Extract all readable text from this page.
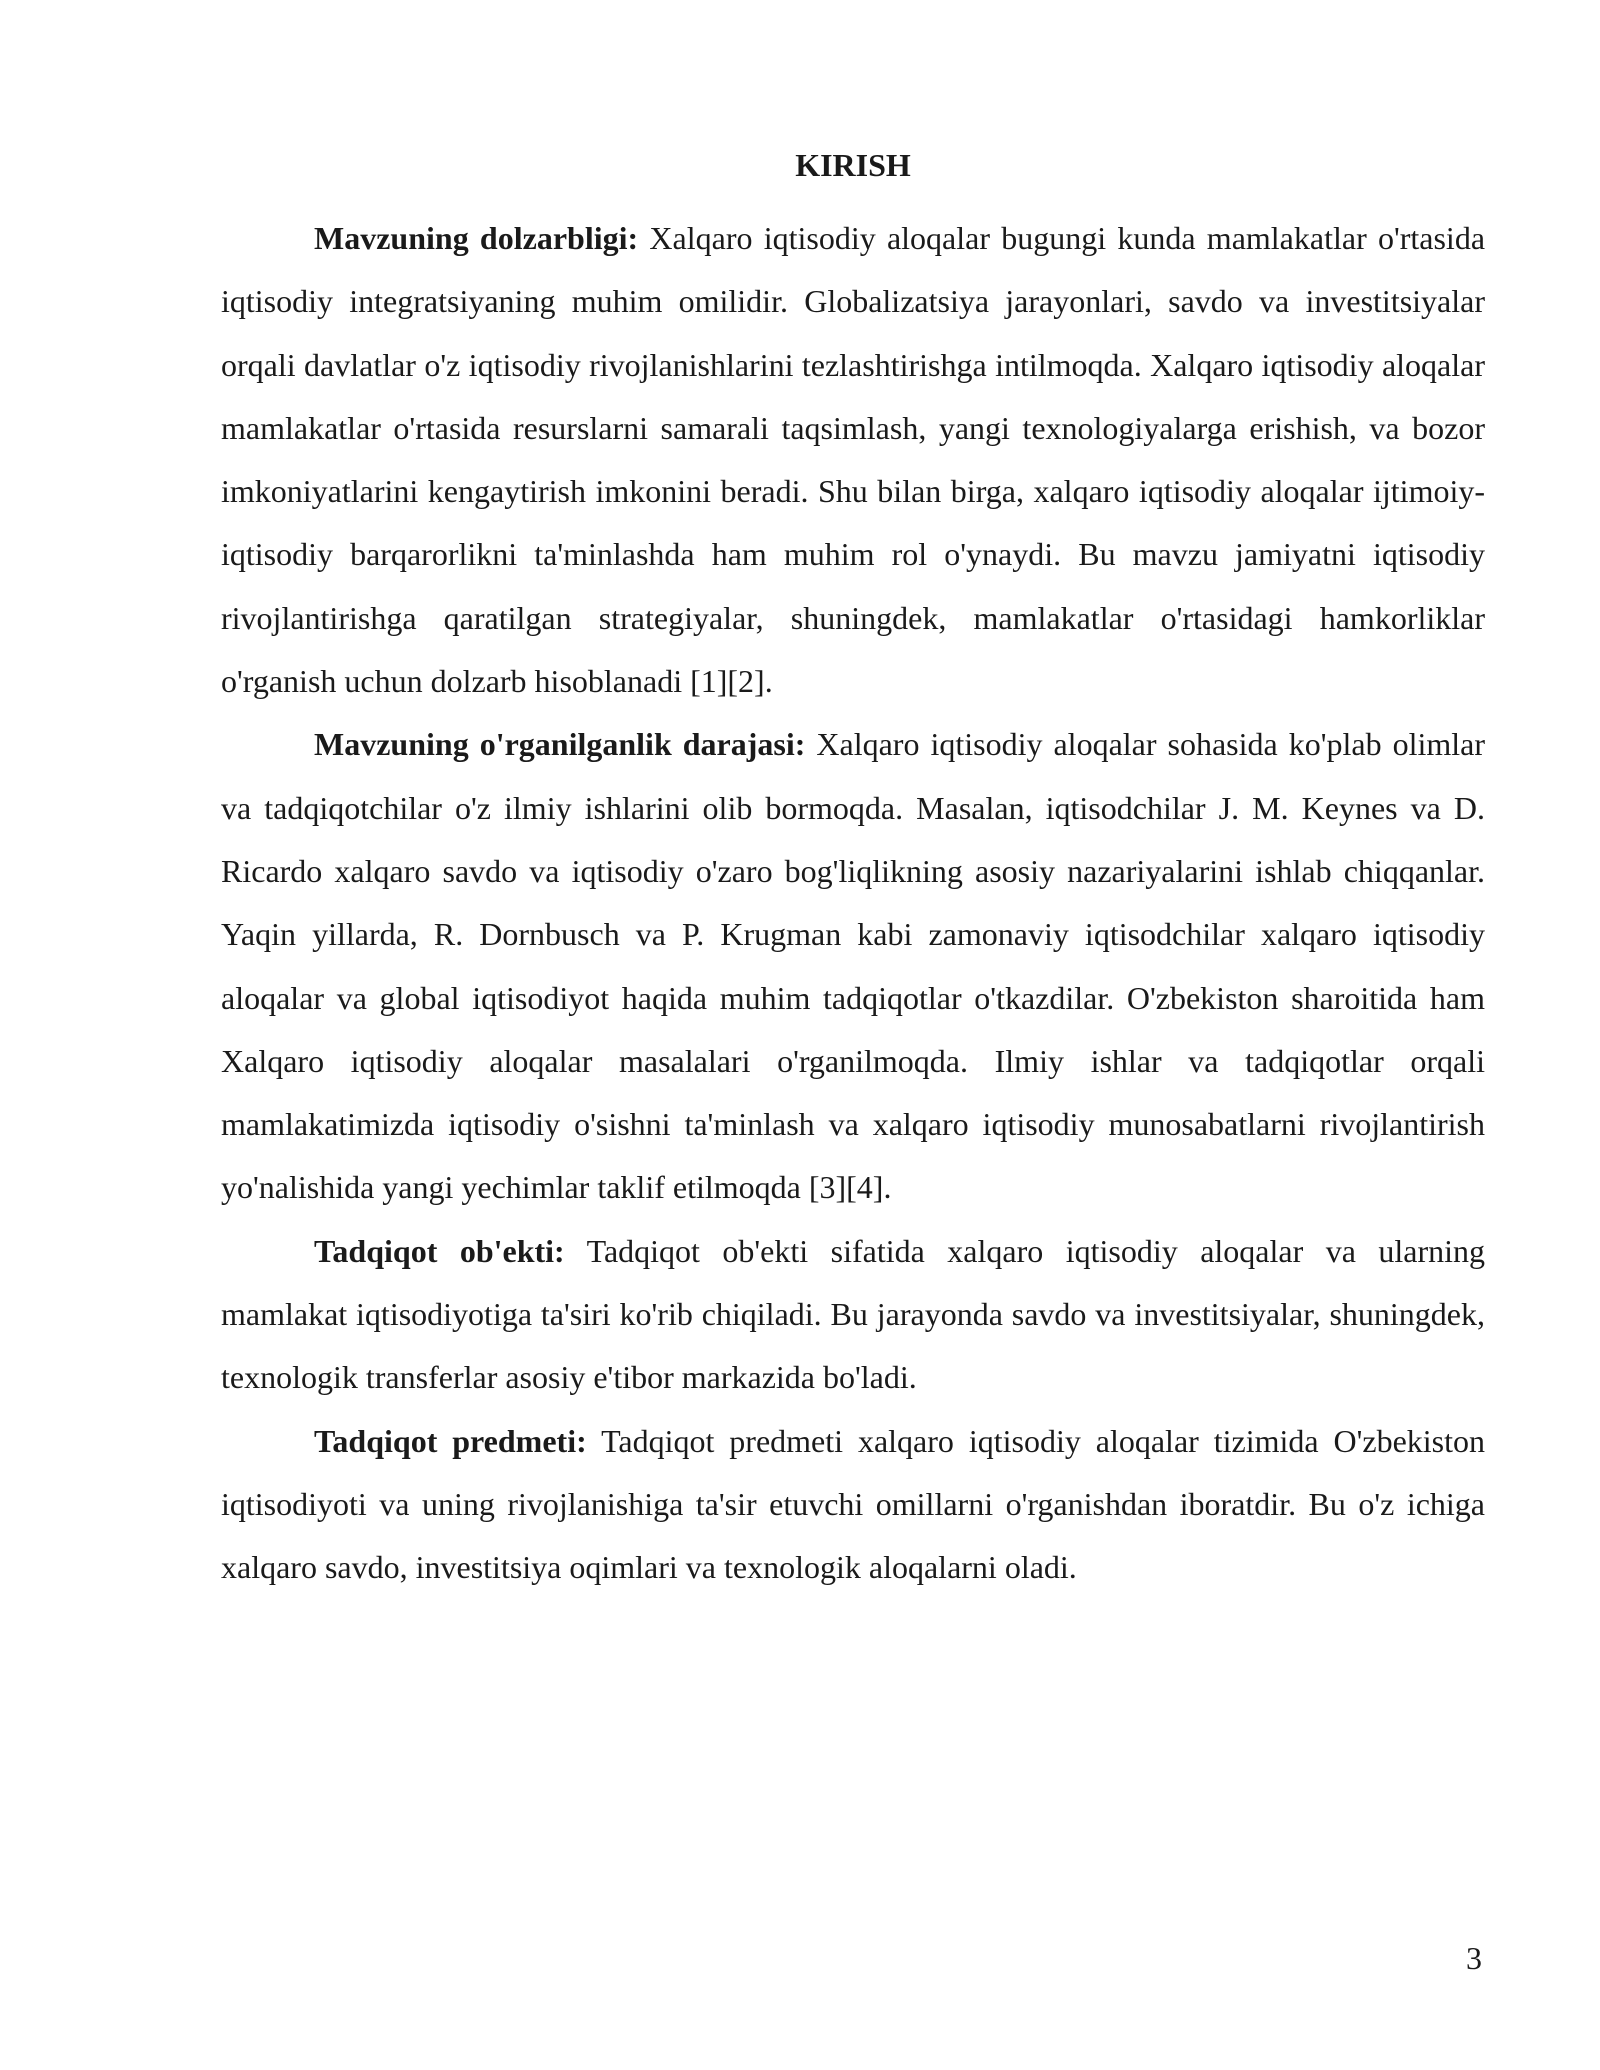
KIRISH

Mavzuning dolzarbligi: Xalqaro iqtisodiy aloqalar bugungi kunda mamlakatlar o'rtasida iqtisodiy integratsiyaning muhim omilidir. Globalizatsiya jarayonlari, savdo va investitsiyalar orqali davlatlar o'z iqtisodiy rivojlanishlarini tezlashtirishga intilmoqda. Xalqaro iqtisodiy aloqalar mamlakatlar o'rtasida resurslarni samarali taqsimlash, yangi texnologiyalarga erishish, va bozor imkoniyatlarini kengaytirish imkonini beradi. Shu bilan birga, xalqaro iqtisodiy aloqalar ijtimoiy-iqtisodiy barqarorlikni ta'minlashda ham muhim rol o'ynaydi. Bu mavzu jamiyatni iqtisodiy rivojlantirishga qaratilgan strategiyalar, shuningdek, mamlakatlar o'rtasidagi hamkorliklar o'rganish uchun dolzarb hisoblanadi [1][2].

Mavzuning o'rganilganlik darajasi: Xalqaro iqtisodiy aloqalar sohasida ko'plab olimlar va tadqiqotchilar o'z ilmiy ishlarini olib bormoqda. Masalan, iqtisodchilar J. M. Keynes va D. Ricardo xalqaro savdo va iqtisodiy o'zaro bog'liqlikning asosiy nazariyalarini ishlab chiqqanlar. Yaqin yillarda, R. Dornbusch va P. Krugman kabi zamonaviy iqtisodchilar xalqaro iqtisodiy aloqalar va global iqtisodiyot haqida muhim tadqiqotlar o'tkazdilar. O'zbekiston sharoitida ham Xalqaro iqtisodiy aloqalar masalalari o'rganilmoqda. Ilmiy ishlar va tadqiqotlar orqali mamlakatimizda iqtisodiy o'sishni ta'minlash va xalqaro iqtisodiy munosabatlarni rivojlantirish yo'nalishida yangi yechimlar taklif etilmoqda [3][4].

Tadqiqot ob'ekti: Tadqiqot ob'ekti sifatida xalqaro iqtisodiy aloqalar va ularning mamlakat iqtisodiyotiga ta'siri ko'rib chiqiladi. Bu jarayonda savdo va investitsiyalar, shuningdek, texnologik transferlar asosiy e'tibor markazida bo'ladi.

Tadqiqot predmeti: Tadqiqot predmeti xalqaro iqtisodiy aloqalar tizimida O'zbekiston iqtisodiyoti va uning rivojlanishiga ta'sir etuvchi omillarni o'rganishdan iboratdir. Bu o'z ichiga xalqaro savdo, investitsiya oqimlari va texnologik aloqalarni oladi.

3
